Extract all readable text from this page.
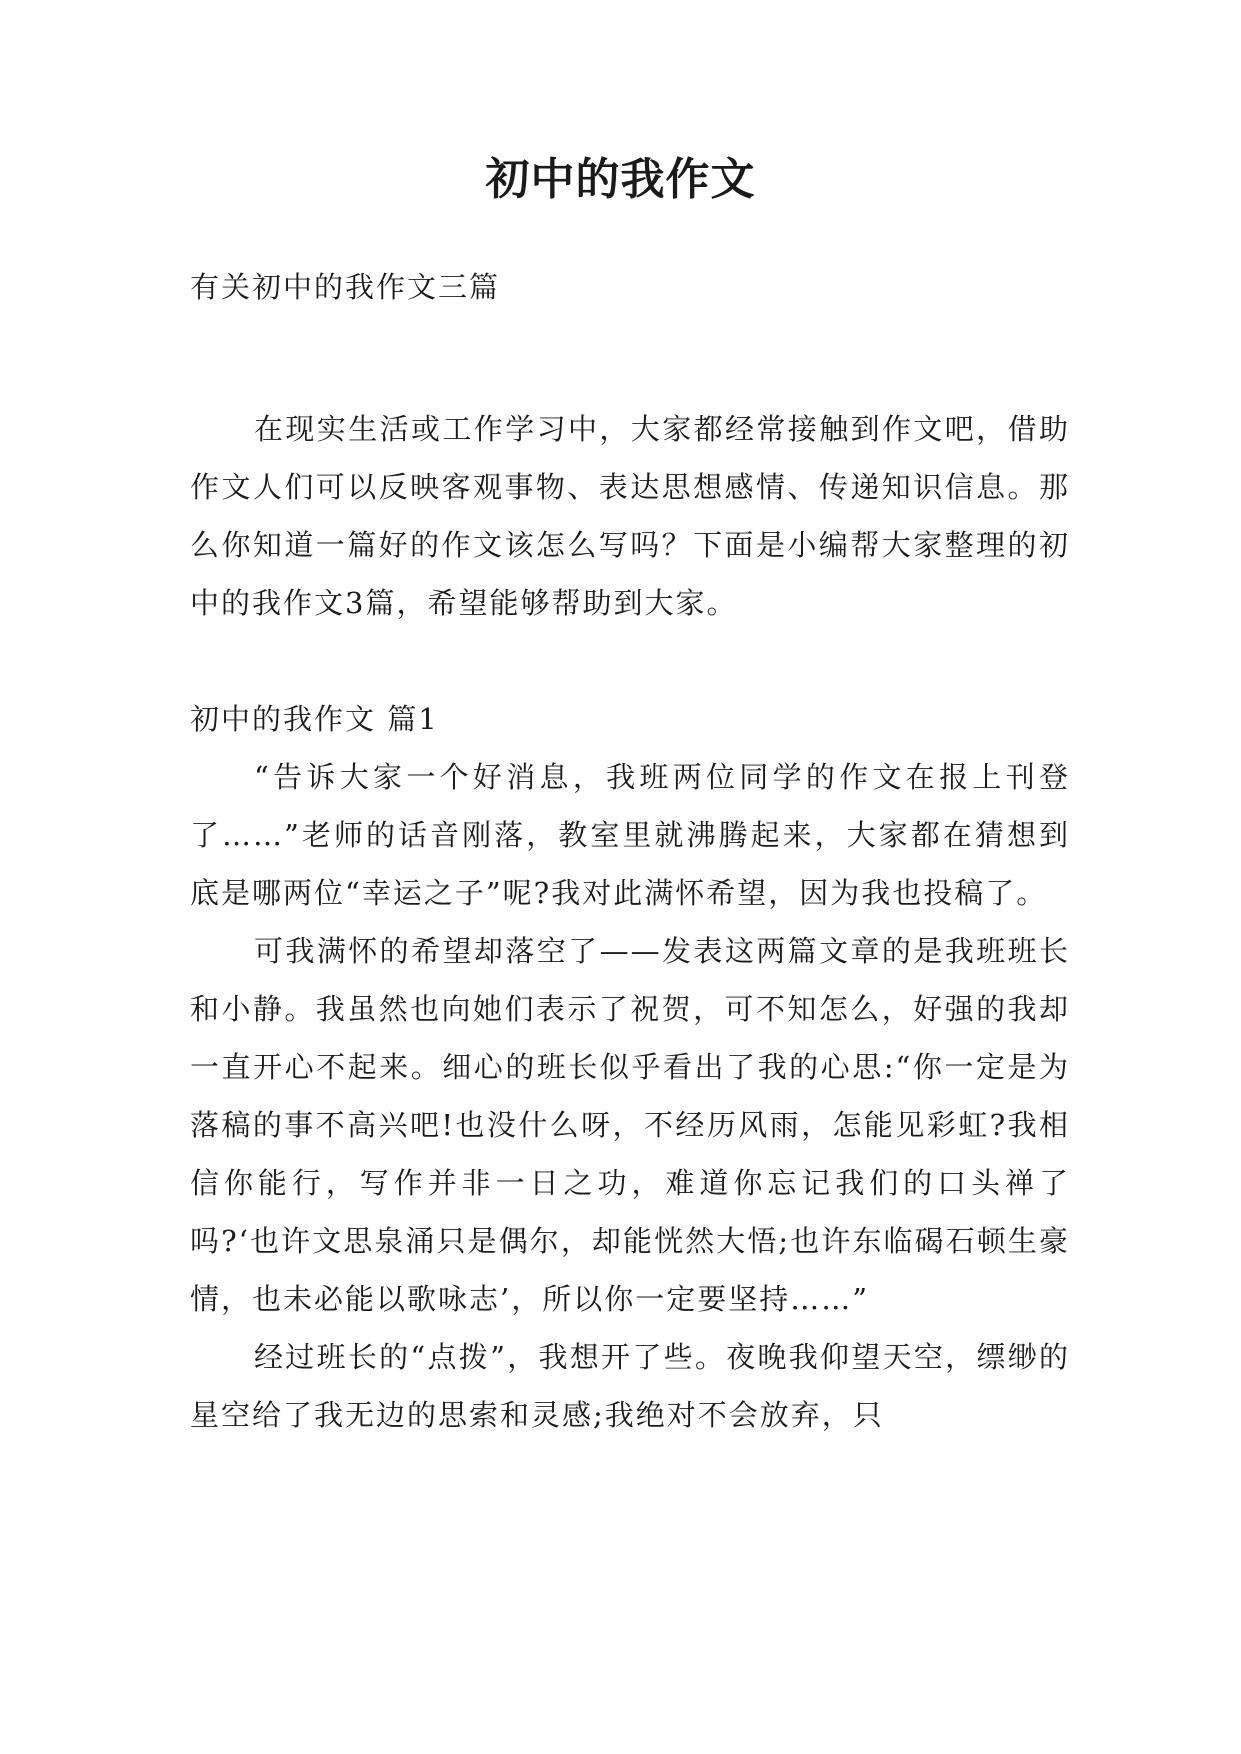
初中的我作文
有关初中的我作文三篇

在现实生活或工作学习中，大家都经常接触到作文吧，借助作文人们可以反映客观事物、表达思想感情、传递知识信息。那么你知道一篇好的作文该怎么写吗？下面是小编帮大家整理的初中的我作文3篇，希望能够帮助到大家。

初中的我作文 篇1

“告诉大家一个好消息，我班两位同学的作文在报上刊登了……”老师的话音刚落，教室里就沸腾起来，大家都在猜想到底是哪两位“幸运之子”呢?我对此满怀希望，因为我也投稿了。

可我满怀的希望却落空了——发表这两篇文章的是我班班长和小静。我虽然也向她们表示了祝贺，可不知怎么，好强的我却一直开心不起来。细心的班长似乎看出了我的心思:“你一定是为落稿的事不高兴吧!也没什么呀，不经历风雨，怎能见彩虹?我相信你能行，写作并非一日之功，难道你忘记我们的口头禅了吗?‘也许文思泉涌只是偶尔，却能恍然大悟;也许东临碣石顿生豪情，也未必能以歌咏志’，所以你一定要坚持……”

经过班长的“点拨”，我想开了些。夜晚我仰望天空，缥缈的星空给了我无边的思索和灵感;我绝对不会放弃，只
